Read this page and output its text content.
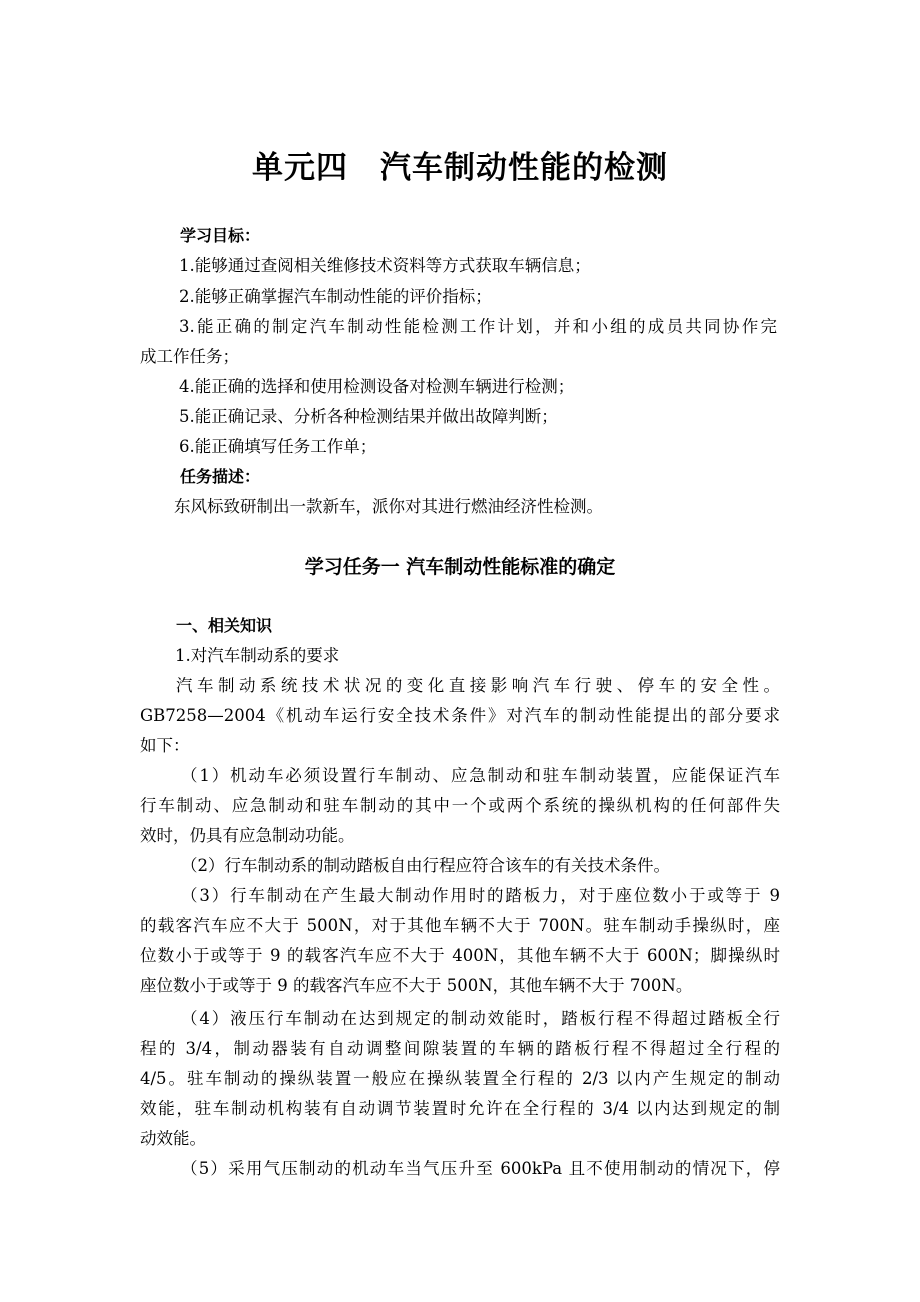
单元四　汽车制动性能的检测
学习目标：
1.能够通过查阅相关维修技术资料等方式获取车辆信息；
2.能够正确掌握汽车制动性能的评价指标；
3.能正确的制定汽车制动性能检测工作计划，并和小组的成员共同协作完
成工作任务；
4.能正确的选择和使用检测设备对检测车辆进行检测；
5.能正确记录、分析各种检测结果并做出故障判断；
6.能正确填写任务工作单；
任务描述：
东风标致研制出一款新车，派你对其进行燃油经济性检测。
学习任务一 汽车制动性能标准的确定
一、相关知识
1.对汽车制动系的要求
汽车制动系统技术状况的变化直接影响汽车行驶、停车的安全性。
GB7258—2004《机动车运行安全技术条件》对汽车的制动性能提出的部分要求
如下：
（1）机动车必须设置行车制动、应急制动和驻车制动装置，应能保证汽车
行车制动、应急制动和驻车制动的其中一个或两个系统的操纵机构的任何部件失
效时，仍具有应急制动功能。
（2）行车制动系的制动踏板自由行程应符合该车的有关技术条件。
（3）行车制动在产生最大制动作用时的踏板力，对于座位数小于或等于 9
的载客汽车应不大于 500N，对于其他车辆不大于 700N。驻车制动手操纵时，座
位数小于或等于 9 的载客汽车应不大于 400N，其他车辆不大于 600N；脚操纵时
座位数小于或等于 9 的载客汽车应不大于 500N，其他车辆不大于 700N。
（4）液压行车制动在达到规定的制动效能时，踏板行程不得超过踏板全行
程的 3/4，制动器装有自动调整间隙装置的车辆的踏板行程不得超过全行程的
4/5。驻车制动的操纵装置一般应在操纵装置全行程的 2/3 以内产生规定的制动
效能，驻车制动机构装有自动调节装置时允许在全行程的 3/4 以内达到规定的制
动效能。
（5）采用气压制动的机动车当气压升至 600kPa 且不使用制动的情况下，停
